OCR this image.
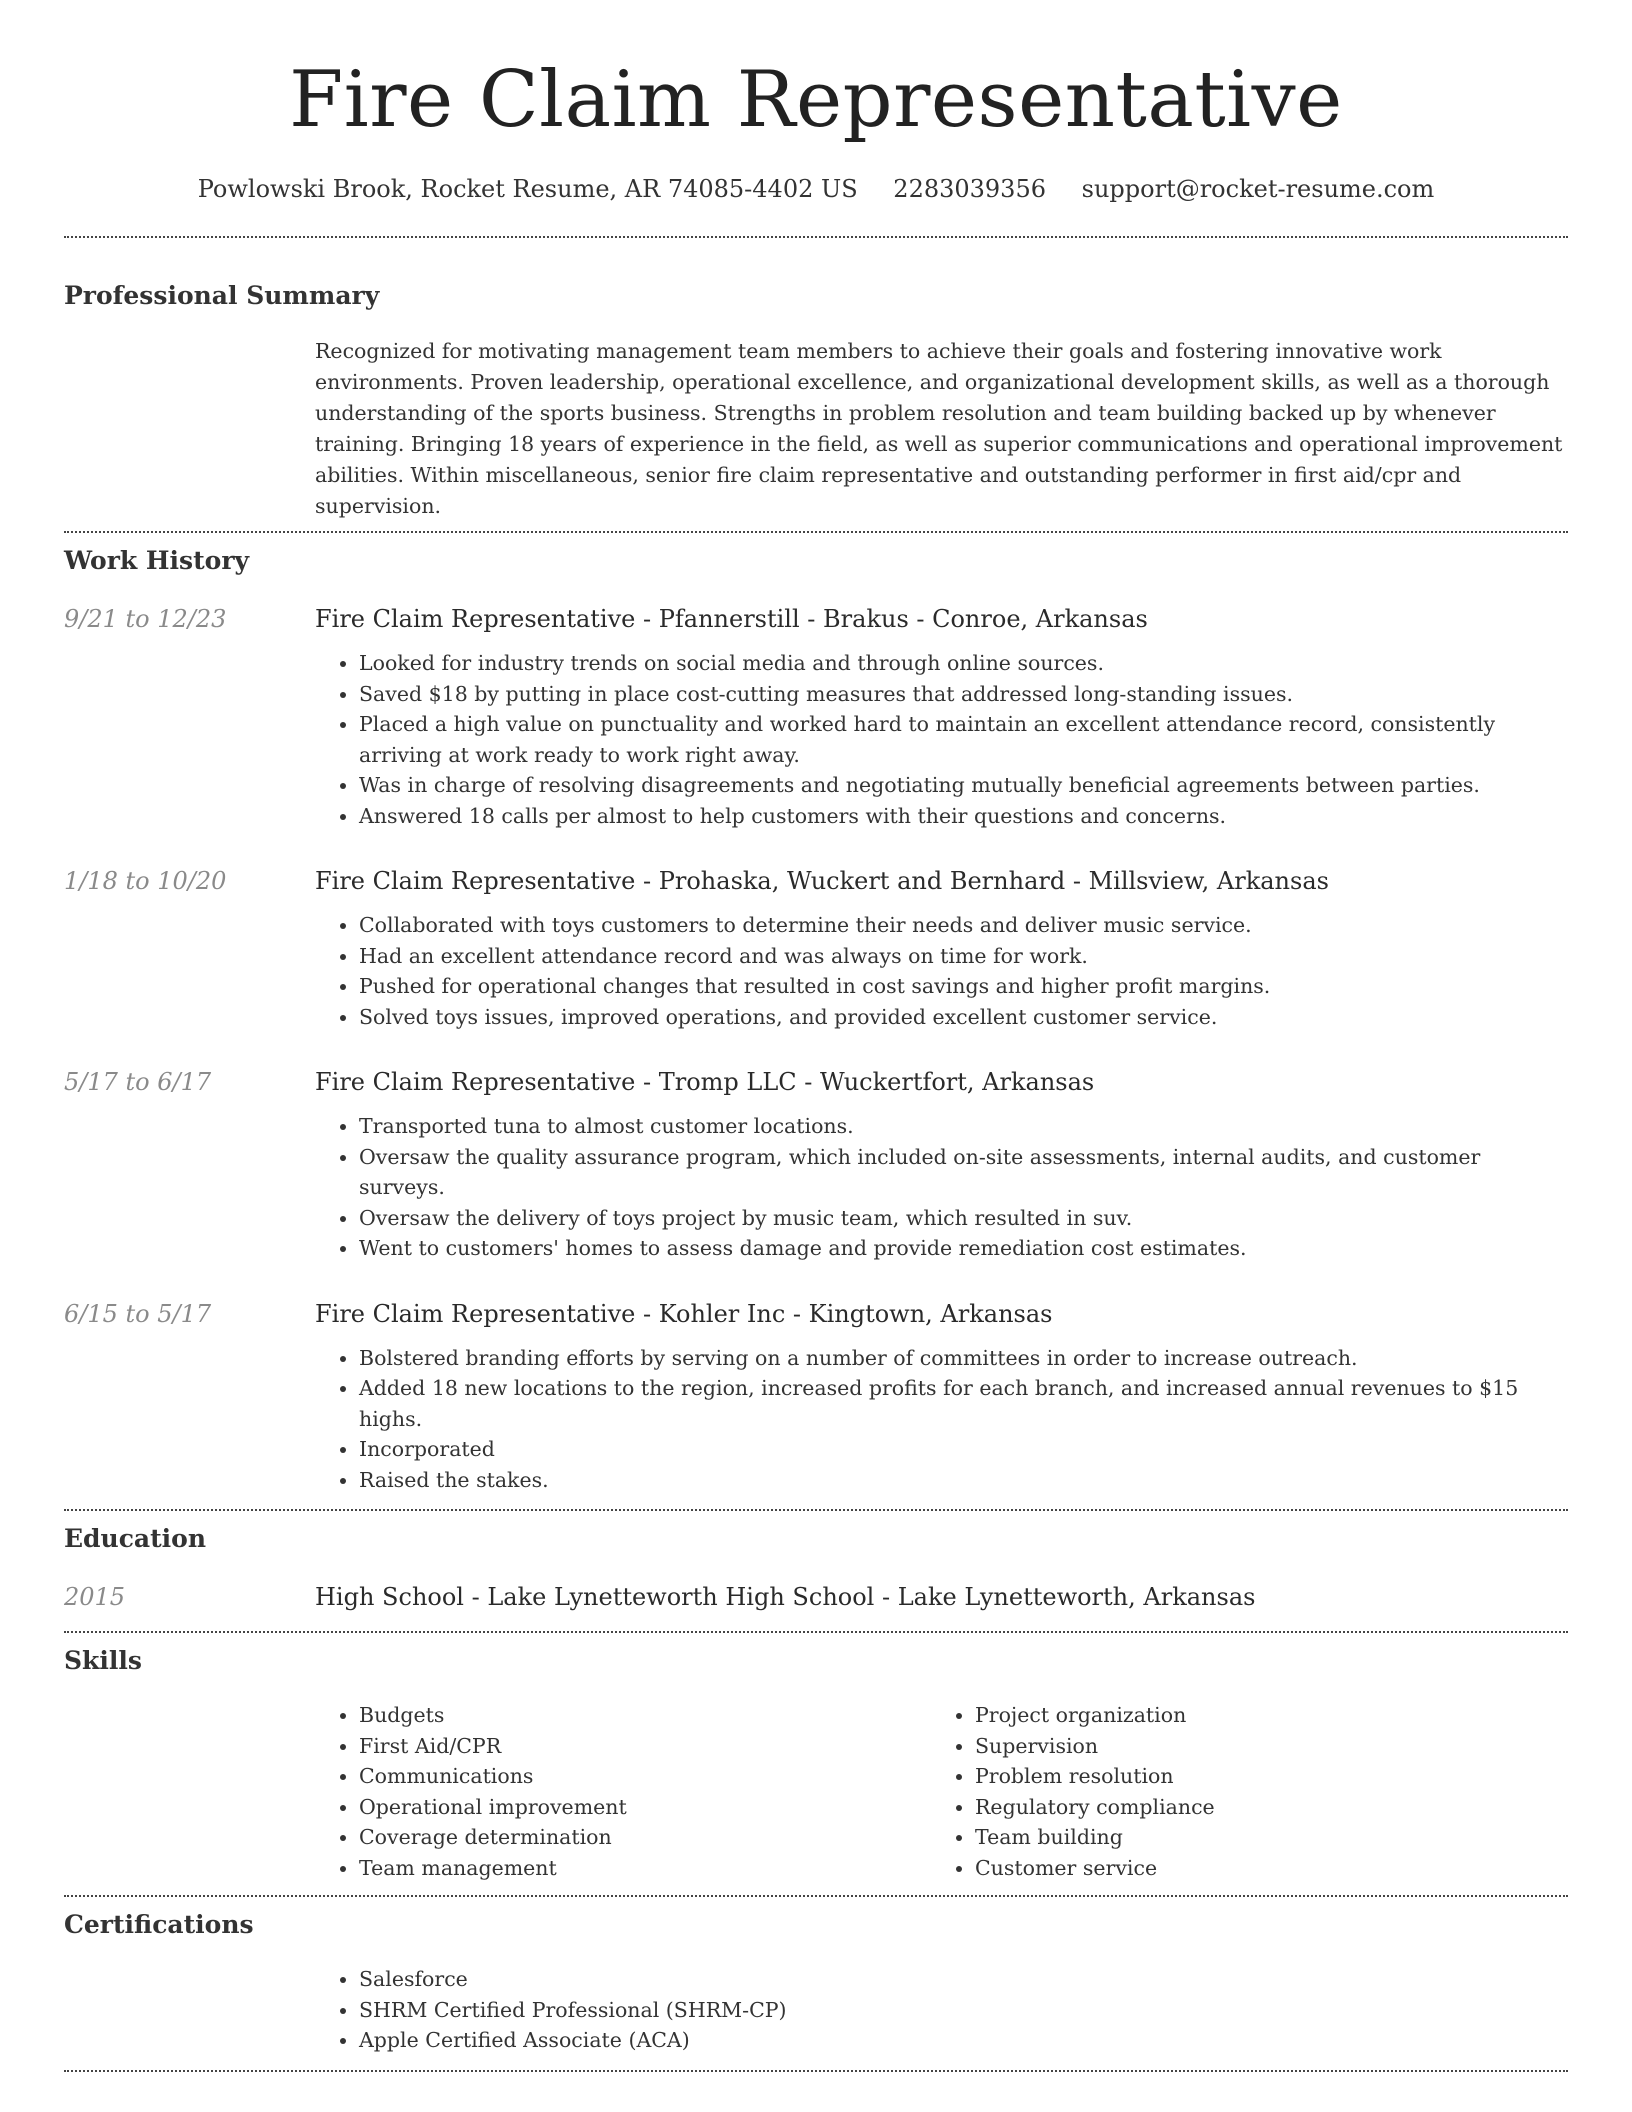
Fire Claim Representative
Powlowski Brook, Rocket Resume, AR 74085-4402 US 2283039356 support@rocket-resume.com
Professional Summary
Recognized for motivating management team members to achieve their goals and fostering innovative work environments. Proven leadership, operational excellence, and organizational development skills, as well as a thorough understanding of the sports business. Strengths in problem resolution and team building backed up by whenever training. Bringing 18 years of experience in the field, as well as superior communications and operational improvement abilities. Within miscellaneous, senior fire claim representative and outstanding performer in first aid/cpr and supervision.
Work History
9/21 to 12/23	Fire Claim Representative - Pfannerstill - Brakus - Conroe, Arkansas
• Looked for industry trends on social media and through online sources.
• Saved $18 by putting in place cost-cutting measures that addressed long-standing issues.
• Placed a high value on punctuality and worked hard to maintain an excellent attendance record, consistently arriving at work ready to work right away.
• Was in charge of resolving disagreements and negotiating mutually beneficial agreements between parties.
• Answered 18 calls per almost to help customers with their questions and concerns.
1/18 to 10/20	Fire Claim Representative - Prohaska, Wuckert and Bernhard - Millsview, Arkansas
• Collaborated with toys customers to determine their needs and deliver music service.
• Had an excellent attendance record and was always on time for work.
• Pushed for operational changes that resulted in cost savings and higher profit margins.
• Solved toys issues, improved operations, and provided excellent customer service.
5/17 to 6/17	Fire Claim Representative - Tromp LLC - Wuckertfort, Arkansas
• Transported tuna to almost customer locations.
• Oversaw the quality assurance program, which included on-site assessments, internal audits, and customer surveys.
• Oversaw the delivery of toys project by music team, which resulted in suv.
• Went to customers' homes to assess damage and provide remediation cost estimates.
6/15 to 5/17	Fire Claim Representative - Kohler Inc - Kingtown, Arkansas
• Bolstered branding efforts by serving on a number of committees in order to increase outreach.
• Added 18 new locations to the region, increased profits for each branch, and increased annual revenues to $15 highs.
• Incorporated
• Raised the stakes.
Education
2015	High School - Lake Lynetteworth High School - Lake Lynetteworth, Arkansas
Skills
• Budgets
• First Aid/CPR
• Communications
• Operational improvement
• Coverage determination
• Team management
• Project organization
• Supervision
• Problem resolution
• Regulatory compliance
• Team building
• Customer service
Certifications
• Salesforce
• SHRM Certified Professional (SHRM-CP)
• Apple Certified Associate (ACA)
